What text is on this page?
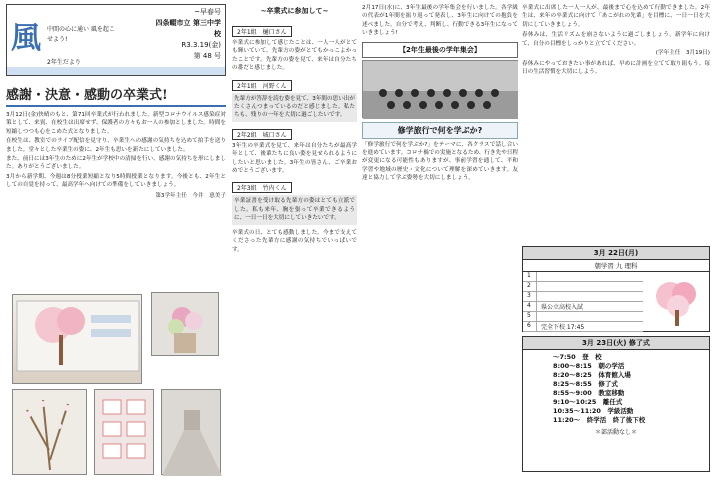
風 中間の心に通い 風を起こせよう!
~早春号
四条畷市立 第三中学校
R3.3.19(金)
第 48 号
2年生だより
感謝・決意・感動の卒業式!

3月12日(金)快晴のもと、第71回卒業式が行われました。新型コロナウイルス感染症対策として、来賓、在校生は出席せず、保護者の方々もお一人の参加としました。時間を短縮しつつも心をこめた式となりました。

在校生は、教室でのライブ配信を見守り、卒業生への感謝の気持ちを込めて拍手を送りました。堂々とした卒業生の姿に、2年生も思いを新たにしていました。

また、前日には3年生のために2年生が学校中の清掃を行い、感謝の気持ちを形にしました。ありがとうございました。

3月から新学期、今週は8分授業短縮となり5時間授業となります。今後とも、2年生としての自覚を持って、最高学年へ向けての準備をしていきましょう。

第3学年主任　今井　恵美子
~卒業式に参加して~
2年1組　樋口さん
卒業式に参加して感じたことは、一人一人がとても輝いていて、先輩方の姿がとてもかっこよかったことです。先輩方の姿を見て、来年は自分たちの番だと感じました。
2年1組　河野くん
先輩方が答辞を読む姿を見て、3年間の思い出がたくさんつまっているのだと感じました。私たちも、残りの一年を大切に過ごしたいです。
2年2組　城口さん
3年生の卒業式を見て、来年は自分たちが最高学年として、後輩たちに良い姿を見せられるようにしたいと思いました。3年生の皆さん、ご卒業おめでとうございます。
2年3組　竹内くん
卒業証書を受け取る先輩方の姿はとても立派でした。私も来年、胸を張って卒業できるように、一日一日を大切にしていきたいです。
卒業式の日、とても感動しました。今まで支えてくださった先輩方に感謝の気持ちでいっぱいです。
2月17日(水)に、3年生最後の学年集会を行いました。各学級の代表が1年間を振り返って発表し、3年生に向けての抱負を述べました。自分で考え、判断し、行動できる3年生になっていきましょう!
【2年生最後の学年集会】
修学旅行で何を学ぶか?
「修学旅行で何を学ぶか?」をテーマに、各クラスで話し合いを進めています。コロナ禍での実施となるため、行き先や日程が変更になる可能性もありますが、事前学習を通して、平和学習や地域の歴史・文化について理解を深めていきます。友達と協力して学ぶ姿勢を大切にしましょう。
卒業式に出席した一人一人が、最後まで心を込めて行動できました。2年生は、来年の卒業式に向けて「あこがれの先輩」を目標に、一日一日を大切にしていきましょう。
春休みは、生活リズムを崩さないように過ごしましょう。新学年に向けて、自分の目標をしっかりと立ててください。
(学年主任　3月19日)
春休みにやっておきたい事があれば、早めに計画を立てて取り組もう。毎日の生活習慣を大切にしよう。
3月 22日(月)
朝学習 九 理科
1
2
3
4	県公立高校入試
5
6	完全下校 17:45
3月 23日(火) 修了式
～7:50　登　校
8:00～8:15　朝の学活
8:20～8:25　体育館入場
8:25～8:55　修了式
8:55～9:00　教室移動
9:10～10:25　離任式
10:35～11:20　学級活動
11:20～　終学活　終了後下校
＊部活動なし＊
